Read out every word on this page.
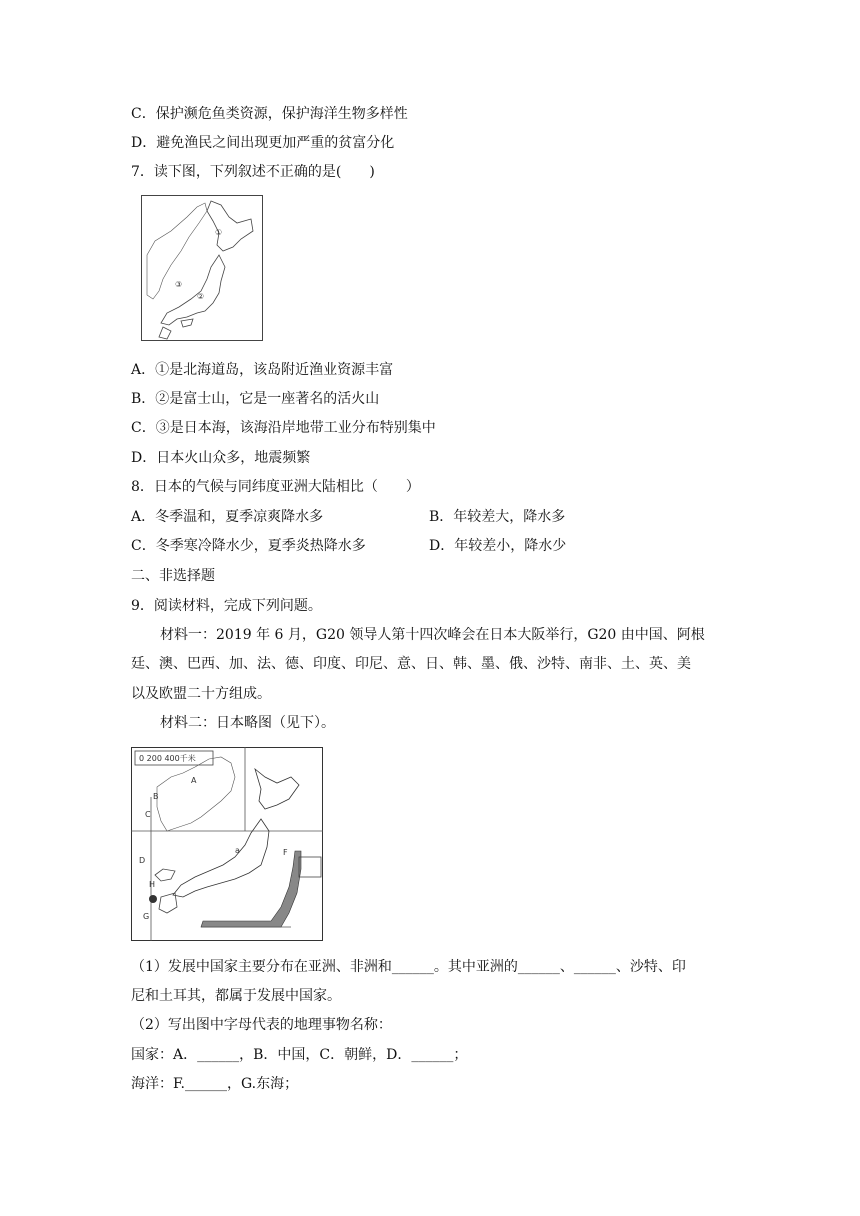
C．保护濒危鱼类资源，保护海洋生物多样性
D．避免渔民之间出现更加严重的贫富分化
7．读下图，下列叙述不正确的是(　　)
①
②
③
A．①是北海道岛，该岛附近渔业资源丰富
B．②是富士山，它是一座著名的活火山
C．③是日本海，该海沿岸地带工业分布特别集中
D．日本火山众多，地震频繁
8．日本的气候与同纬度亚洲大陆相比（　　）
A．冬季温和，夏季凉爽降水多	B．年较差大，降水多
C．冬季寒冷降水少，夏季炎热降水多	D．年较差小，降水少
二、非选择题
9．阅读材料，完成下列问题。
材料一：2019 年 6 月，G20 领导人第十四次峰会在日本大阪举行，G20 由中国、阿根
廷、澳、巴西、加、法、德、印度、印尼、意、日、韩、墨、俄、沙特、南非、土、英、美
以及欧盟二十方组成。
材料二：日本略图（见下）。
0 200 400千米
A
B
C
D
F
G
H
a
（1）发展中国家主要分布在亚洲、非洲和______。其中亚洲的______、______、沙特、印
尼和土耳其，都属于发展中国家。
（2）写出图中字母代表的地理事物名称：
国家：A．______，B．中国，C．朝鲜，D．______；
海洋：F.______，G.东海；
